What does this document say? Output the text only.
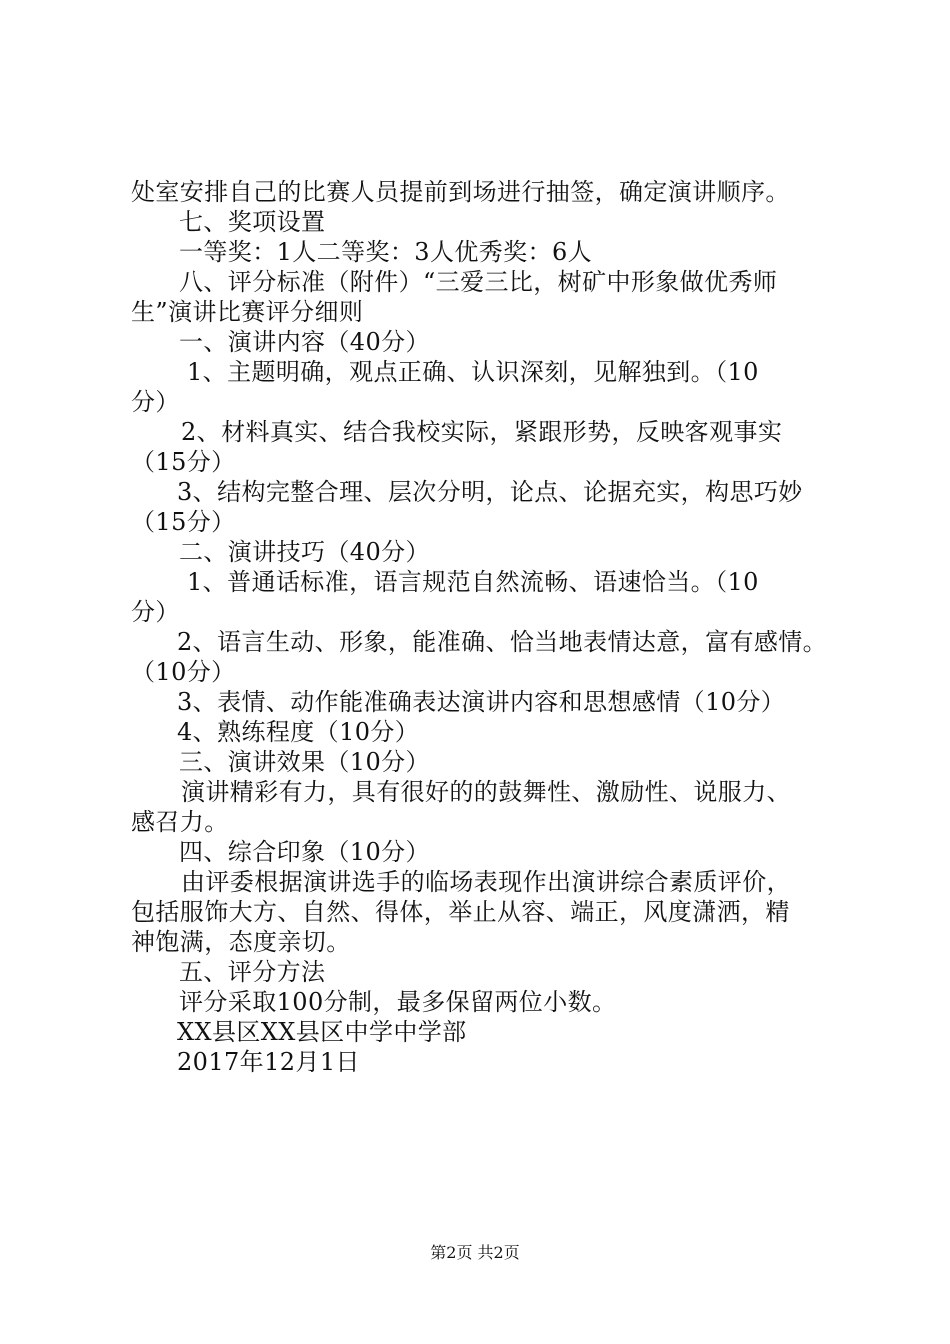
处室安排自己的比赛人员提前到场进行抽签，确定演讲顺序。
七、奖项设置
一等奖：1人二等奖：3人优秀奖：6人
八、评分标准（附件）“三爱三比，树矿中形象做优秀师
生”演讲比赛评分细则
一、演讲内容（40分）
1、主题明确，观点正确、认识深刻，见解独到。（10
分）
2、材料真实、结合我校实际，紧跟形势，反映客观事实
（15分）
3、结构完整合理、层次分明，论点、论据充实，构思巧妙
（15分）
二、演讲技巧（40分）
1、普通话标准，语言规范自然流畅、语速恰当。（10
分）
2、语言生动、形象，能准确、恰当地表情达意，富有感情。
（10分）
3、表情、动作能准确表达演讲内容和思想感情（10分）
4、熟练程度（10分）
三、演讲效果（10分）
演讲精彩有力，具有很好的的鼓舞性、激励性、说服力、
感召力。
四、综合印象（10分）
由评委根据演讲选手的临场表现作出演讲综合素质评价，
包括服饰大方、自然、得体，举止从容、端正，风度潇洒，精
神饱满，态度亲切。
五、评分方法
评分采取100分制，最多保留两位小数。
XX县区XX县区中学中学部
2017年12月1日
第2页 共2页
